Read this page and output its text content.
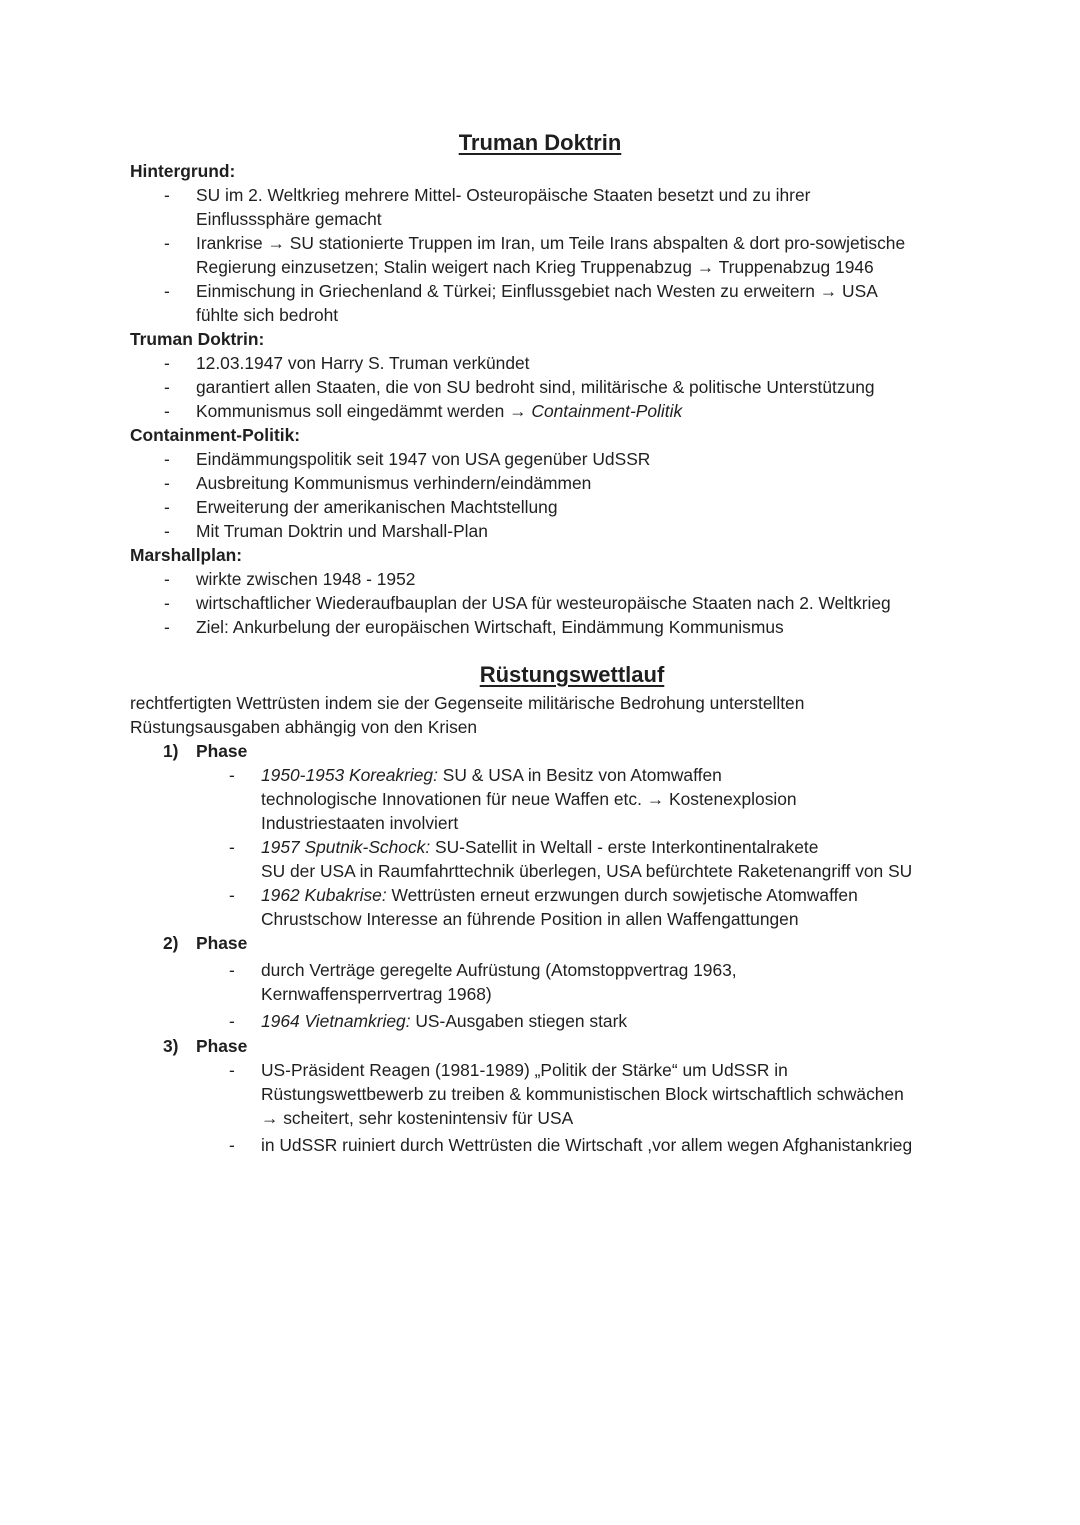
Truman Doktrin

Hintergrund:

- SU im 2. Weltkrieg mehrere Mittel- Osteuropäische Staaten besetzt und zu ihrer

Einflusssphäre gemacht

- Irankrise → SU stationierte Truppen im Iran, um Teile Irans abspalten & dort pro-sowjetische

Regierung einzusetzen; Stalin weigert nach Krieg Truppenabzug → Truppenabzug 1946

- Einmischung in Griechenland & Türkei; Einflussgebiet nach Westen zu erweitern → USA

fühlte sich bedroht

Truman Doktrin:

- 12.03.1947 von Harry S. Truman verkündet

- garantiert allen Staaten, die von SU bedroht sind, militärische & politische Unterstützung

- Kommunismus soll eingedämmt werden → Containment-Politik

Containment-Politik:

- Eindämmungspolitik seit 1947 von USA gegenüber UdSSR

- Ausbreitung Kommunismus verhindern/eindämmen

- Erweiterung der amerikanischen Machtstellung

- Mit Truman Doktrin und Marshall-Plan

Marshallplan:

- wirkte zwischen 1948 - 1952

- wirtschaftlicher Wiederaufbauplan der USA für westeuropäische Staaten nach 2. Weltkrieg

- Ziel: Ankurbelung der europäischen Wirtschaft, Eindämmung Kommunismus

Rüstungswettlauf

rechtfertigten Wettrüsten indem sie der Gegenseite militärische Bedrohung unterstellten

Rüstungsausgaben abhängig von den Krisen

1) Phase

- 1950-1953 Koreakrieg: SU & USA in Besitz von Atomwaffen

technologische Innovationen für neue Waffen etc. → Kostenexplosion

Industriestaaten involviert

- 1957 Sputnik-Schock: SU-Satellit in Weltall - erste Interkontinentalrakete

SU der USA in Raumfahrttechnik überlegen, USA befürchtete Raketenangriff von SU

- 1962 Kubakrise: Wettrüsten erneut erzwungen durch sowjetische Atomwaffen

Chrustschow Interesse an führende Position in allen Waffengattungen

2) Phase

- durch Verträge geregelte Aufrüstung (Atomstoppvertrag 1963,

Kernwaffensperrvertrag 1968)

- 1964 Vietnamkrieg: US-Ausgaben stiegen stark

3) Phase

- US-Präsident Reagen (1981-1989) „Politik der Stärke“ um UdSSR in

Rüstungswettbewerb zu treiben & kommunistischen Block wirtschaftlich schwächen

→ scheitert, sehr kostenintensiv für USA

- in UdSSR ruiniert durch Wettrüsten die Wirtschaft ,vor allem wegen Afghanistankrieg
